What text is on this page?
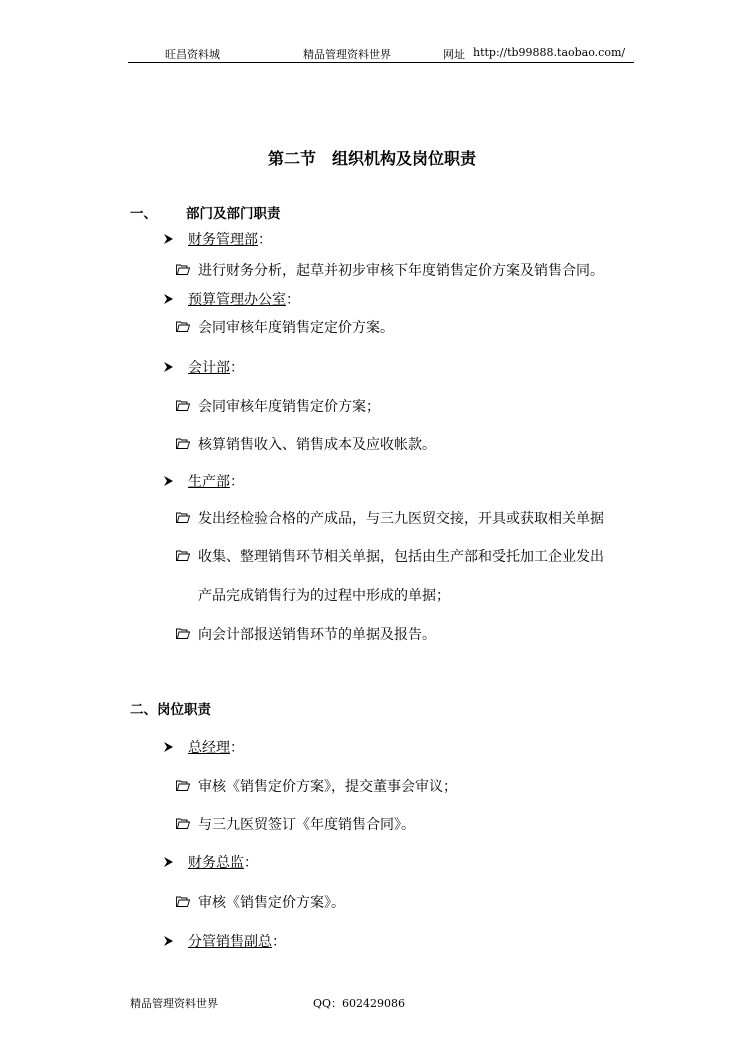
旺昌资料城	精品管理资料世界	网址 http://tb99888.taobao.com/
第二节　组织机构及岗位职责
一、 部门及部门职责
财务管理部：
进行财务分析，起草并初步审核下年度销售定价方案及销售合同。
预算管理办公室：
会同审核年度销售定定价方案。
会计部：
会同审核年度销售定价方案；
核算销售收入、销售成本及应收帐款。
生产部：
发出经检验合格的产成品，与三九医贸交接，开具或获取相关单据
收集、整理销售环节相关单据，包括由生产部和受托加工企业发出
产品完成销售行为的过程中形成的单据；
向会计部报送销售环节的单据及报告。
二、岗位职责
总经理：
审核《销售定价方案》，提交董事会审议；
与三九医贸签订《年度销售合同》。
财务总监：
审核《销售定价方案》。
分管销售副总：
精品管理资料世界	QQ：602429086
